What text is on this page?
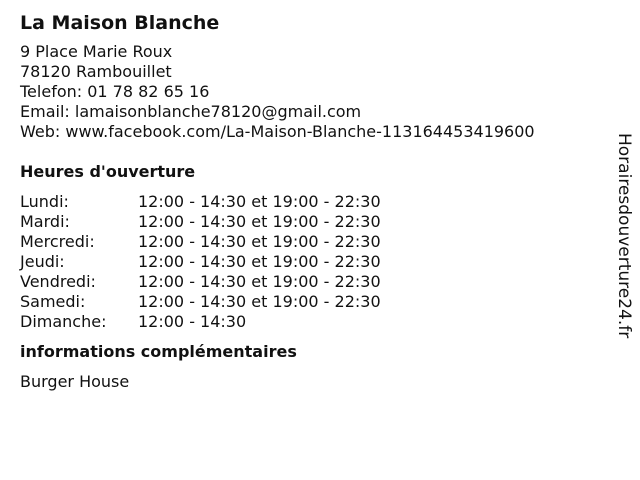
La Maison Blanche
9 Place Marie Roux
78120 Rambouillet
Telefon: 01 78 82 65 16
Email: lamaisonblanche78120@gmail.com
Web: www.facebook.com/La-Maison-Blanche-113164453419600
Heures d'ouverture
Lundi:	12:00 - 14:30 et 19:00 - 22:30
Mardi:	12:00 - 14:30 et 19:00 - 22:30
Mercredi:	12:00 - 14:30 et 19:00 - 22:30
Jeudi:	12:00 - 14:30 et 19:00 - 22:30
Vendredi:	12:00 - 14:30 et 19:00 - 22:30
Samedi:	12:00 - 14:30 et 19:00 - 22:30
Dimanche:	12:00 - 14:30
informations complémentaires
Burger House
Horairesdouverture24.fr
